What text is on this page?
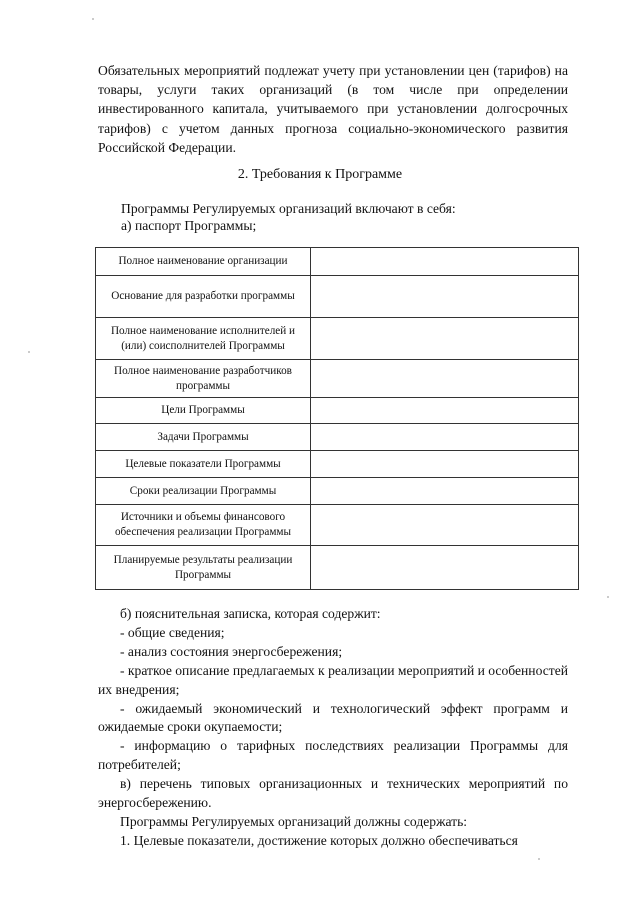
Обязательных мероприятий подлежат учету при установлении цен (тарифов) на товары, услуги таких организаций (в том числе при определении инвестированного капитала, учитываемого при установлении долгосрочных тарифов) с учетом данных прогноза социально-экономического развития Российской Федерации.

2. Требования к Программе

Программы Регулируемых организаций включают в себя:

а) паспорт Программы;

Полное наименование организации	
Основание для разработки программы	
Полное наименование исполнителей и (или) соисполнителей Программы	
Полное наименование разработчиков программы	
Цели Программы	
Задачи Программы	
Целевые показатели Программы	
Сроки реализации Программы	
Источники и объемы финансового обеспечения реализации Программы	
Планируемые результаты реализации Программы	

б) пояснительная записка, которая содержит:

- общие сведения;

- анализ состояния энергосбережения;

- краткое описание предлагаемых к реализации мероприятий и особенностей их внедрения;

- ожидаемый экономический и технологический эффект программ и ожидаемые сроки окупаемости;

- информацию о тарифных последствиях реализации Программы для потребителей;

в) перечень типовых организационных и технических мероприятий по энергосбережению.

Программы Регулируемых организаций должны содержать:

1. Целевые показатели, достижение которых должно обеспечиваться
